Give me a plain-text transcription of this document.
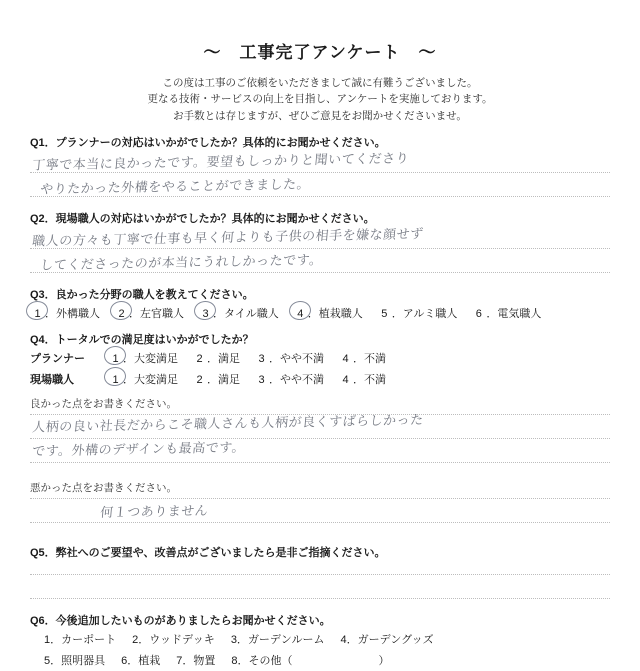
～　工事完了アンケート　～
この度は工事のご依頼をいただきまして誠に有難うございました。
更なる技術・サービスの向上を目指し、アンケートを実施しております。
お手数とは存じますが、ぜひご意見をお聞かせくださいませ。
Q1．プランナーの対応はいかがでしたか？具体的にお聞かせください。
丁寧で本当に良かったです。要望もしっかりと聞いてくださり
やりたかった外構をやることができました。
Q2．現場職人の対応はいかがでしたか？具体的にお聞かせください。
職人の方々も丁寧で仕事も早く何よりも子供の相手を嫌な顔せず
してくださったのが本当にうれしかったです。
Q3．良かった分野の職人を教えてください。
1 ．外構職人 2 ．左官職人 3 ．タイル職人 4 ．植栽職人 5 ．アルミ職人 6 ．電気職人
Q4．トータルでの満足度はいかがでしたか？
プランナー 1 ．大変満足 2 ．満足 3 ．やや不満 4 ．不満
現場職人	1 ．大変満足 2 ．満足 3 ．やや不満 4 ．不満
良かった点をお書きください。
人柄の良い社長だからこそ職人さんも人柄が良くすばらしかった
です。外構のデザインも最高です。
悪かった点をお書きください。
何１つありません
Q5．弊社へのご要望や、改善点がございましたら是非ご指摘ください。
Q6．今後追加したいものがありましたらお聞かせください。
1．カーポート 2．ウッドデッキ 3．ガーデンルーム 4．ガーデングッズ
5．照明器具 6．植栽 7．物置 8．その他（	）
